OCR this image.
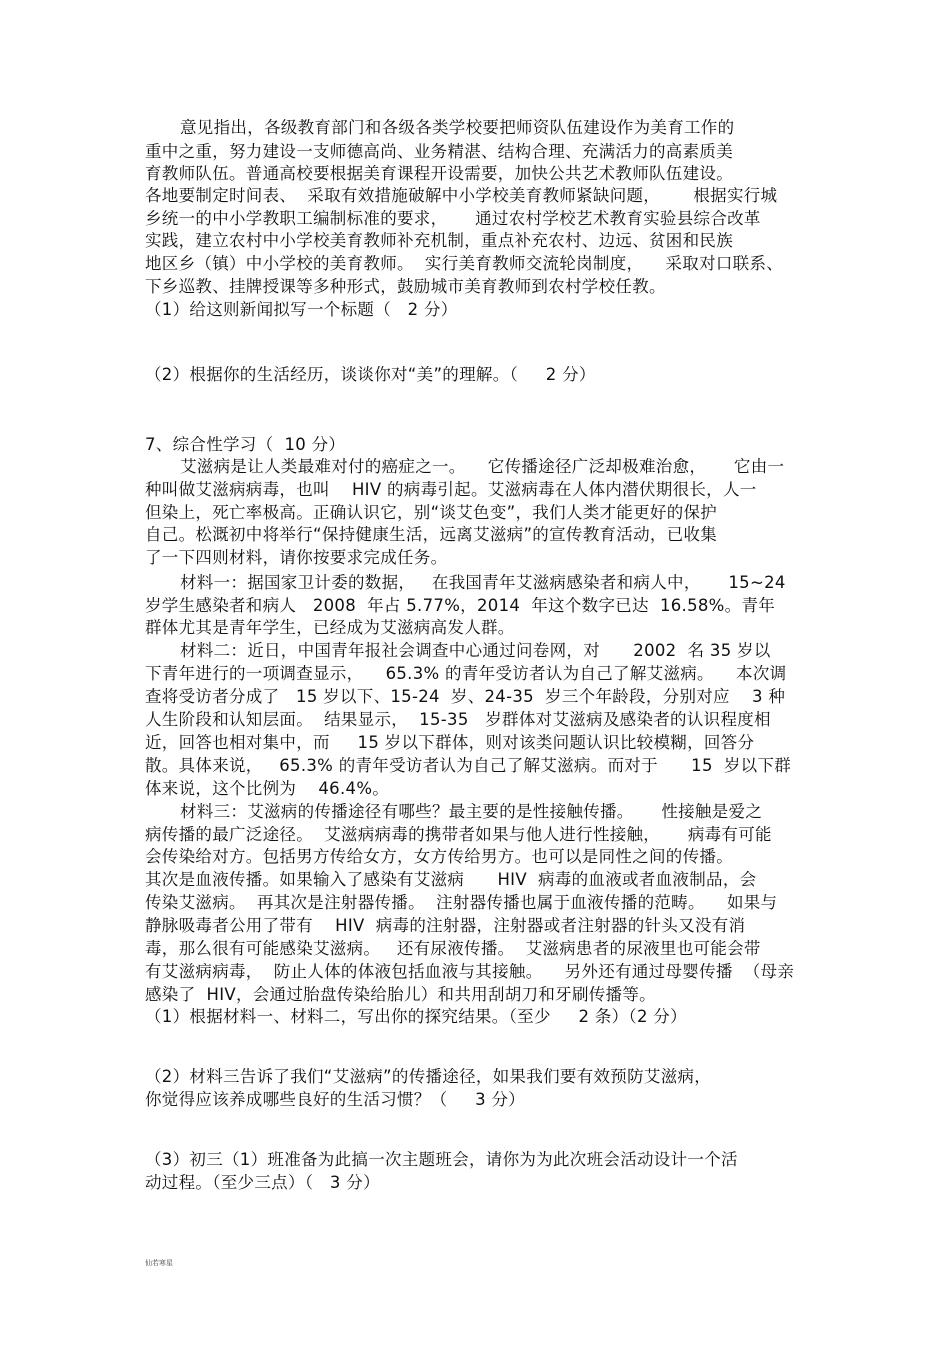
意见指出，各级教育部门和各级各类学校要把师资队伍建设作为美育工作的
重中之重，努力建设一支师德高尚、业务精湛、结构合理、充满活力的高素质美
育教师队伍。普通高校要根据美育课程开设需要，加快公共艺术教师队伍建设。
各地要制定时间表、  采取有效措施破解中小学校美育教师紧缺问题，      根据实行城
乡统一的中小学教职工编制标准的要求，     通过农村学校艺术教育实验县综合改革
实践，建立农村中小学校美育教师补充机制，重点补充农村、边远、贫困和民族
地区乡（镇）中小学校的美育教师。  实行美育教师交流轮岗制度，    采取对口联系、
下乡巡教、挂牌授课等多种形式，鼓励城市美育教师到农村学校任教。
（1）给这则新闻拟写一个标题（   2 分）
（2）根据你的生活经历，谈谈你对“美”的理解。（     2 分）
7、综合性学习（  10 分）
艾滋病是让人类最难对付的癌症之一。    它传播途径广泛却极难治愈，     它由一
种叫做艾滋病病毒，也叫    HIV 的病毒引起。艾滋病毒在人体内潜伏期很长，人一
但染上，死亡率极高。正确认识它，别“谈艾色变”，我们人类才能更好的保护
自己。松溉初中将举行“保持健康生活，远离艾滋病”的宣传教育活动，已收集
了一下四则材料，请你按要求完成任务。
材料一：据国家卫计委的数据，   在我国青年艾滋病感染者和病人中，     15~24
岁学生感染者和病人   2008  年占 5.77%，2014  年这个数字已达  16.58%。青年
群体尤其是青年学生，已经成为艾滋病高发人群。
材料二：近日，中国青年报社会调查中心通过问卷网，对      2002  名 35 岁以
下青年进行的一项调查显示，    65.3% 的青年受访者认为自己了解艾滋病。    本次调
查将受访者分成了   15 岁以下、15-24  岁、24-35  岁三个年龄段，分别对应    3 种
人生阶段和认知层面。  结果显示，  15-35   岁群体对艾滋病及感染者的认识程度相
近，回答也相对集中，而     15 岁以下群体，则对该类问题认识比较模糊，回答分
散。具体来说，   65.3% 的青年受访者认为自己了解艾滋病。而对于      15  岁以下群
体来说，这个比例为    46.4%。
材料三：艾滋病的传播途径有哪些？最主要的是性接触传播。     性接触是爱之
病传播的最广泛途径。  艾滋病病毒的携带者如果与他人进行性接触，     病毒有可能
会传染给对方。包括男方传给女方，女方传给男方。也可以是同性之间的传播。
其次是血液传播。如果输入了感染有艾滋病      HIV  病毒的血液或者血液制品，会
传染艾滋病。  再其次是注射器传播。  注射器传播也属于血液传播的范畴。    如果与
静脉吸毒者公用了带有    HIV  病毒的注射器，注射器或者注射器的针头又没有消
毒，那么很有可能感染艾滋病。   还有尿液传播。  艾滋病患者的尿液里也可能会带
有艾滋病病毒，  防止人体的体液包括血液与其接触。    另外还有通过母婴传播  （母亲
感染了  HIV，会通过胎盘传染给胎儿）和共用刮胡刀和牙刷传播等。
（1）根据材料一、材料二，写出你的探究结果。（至少     2 条）（2 分）
（2）材料三告诉了我们“艾滋病”的传播途径，如果我们要有效预防艾滋病，
你觉得应该养成哪些良好的生活习惯？（     3 分）
（3）初三（1）班准备为此搞一次主题班会，请你为为此次班会活动设计一个活
动过程。（至少三点）（   3 分）
仙若寒星
